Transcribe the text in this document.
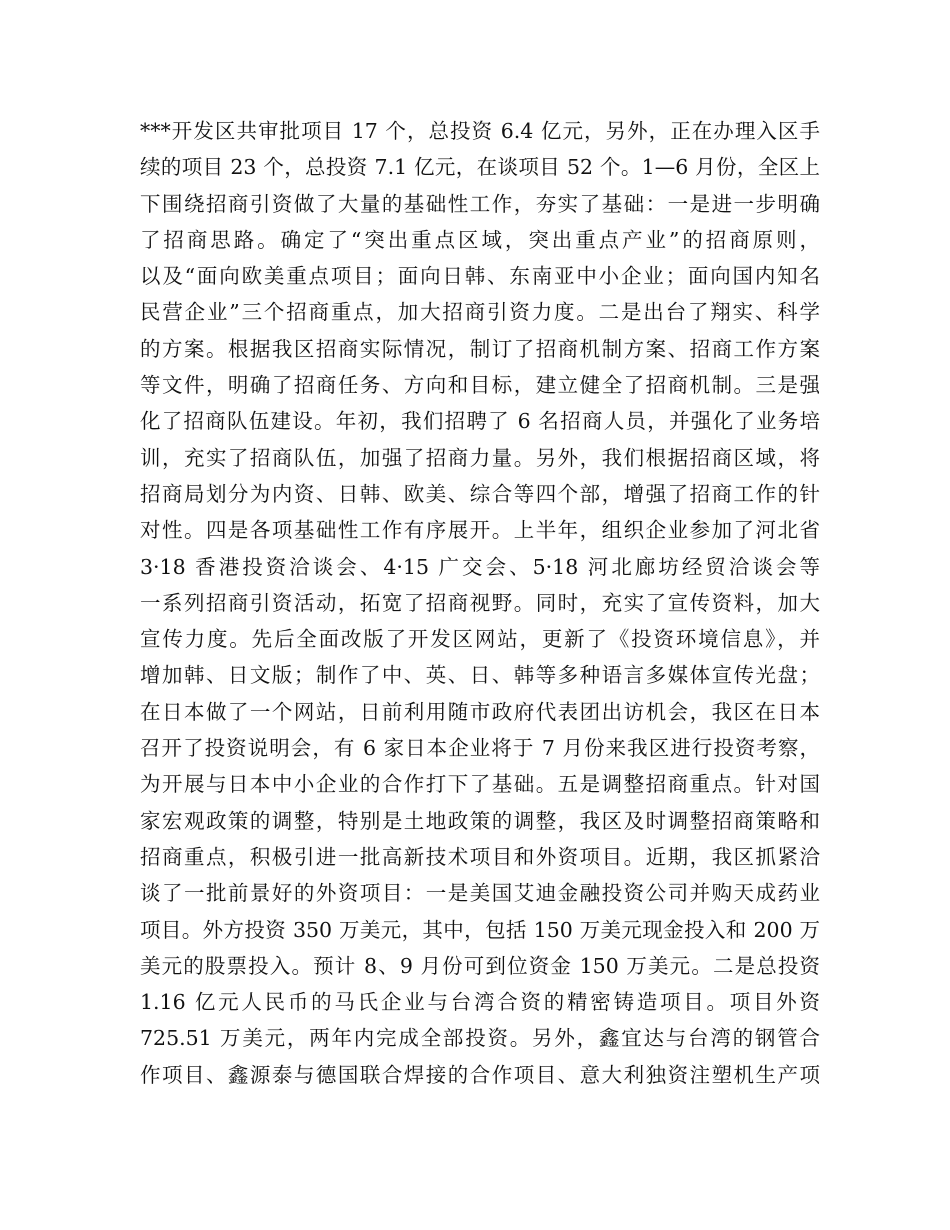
***开发区共审批项目 17 个，总投资 6.4 亿元，另外，正在办理入区手
续的项目 23 个，总投资 7.1 亿元，在谈项目 52 个。1—6 月份，全区上
下围绕招商引资做了大量的基础性工作，夯实了基础：一是进一步明确
了招商思路。确定了“突出重点区域，突出重点产业”的招商原则，
以及“面向欧美重点项目；面向日韩、东南亚中小企业；面向国内知名
民营企业”三个招商重点，加大招商引资力度。二是出台了翔实、科学
的方案。根据我区招商实际情况，制订了招商机制方案、招商工作方案
等文件，明确了招商任务、方向和目标，建立健全了招商机制。三是强
化了招商队伍建设。年初，我们招聘了 6 名招商人员，并强化了业务培
训，充实了招商队伍，加强了招商力量。另外，我们根据招商区域，将
招商局划分为内资、日韩、欧美、综合等四个部，增强了招商工作的针
对性。四是各项基础性工作有序展开。上半年，组织企业参加了河北省
3·18 香港投资洽谈会、4·15 广交会、5·18 河北廊坊经贸洽谈会等
一系列招商引资活动，拓宽了招商视野。同时，充实了宣传资料，加大
宣传力度。先后全面改版了开发区网站，更新了《投资环境信息》，并
增加韩、日文版；制作了中、英、日、韩等多种语言多媒体宣传光盘；
在日本做了一个网站，日前利用随市政府代表团出访机会，我区在日本
召开了投资说明会，有 6 家日本企业将于 7 月份来我区进行投资考察，
为开展与日本中小企业的合作打下了基础。五是调整招商重点。针对国
家宏观政策的调整，特别是土地政策的调整，我区及时调整招商策略和
招商重点，积极引进一批高新技术项目和外资项目。近期，我区抓紧洽
谈了一批前景好的外资项目：一是美国艾迪金融投资公司并购天成药业
项目。外方投资 350 万美元，其中，包括 150 万美元现金投入和 200 万
美元的股票投入。预计 8、9 月份可到位资金 150 万美元。二是总投资
1.16 亿元人民币的马氏企业与台湾合资的精密铸造项目。项目外资
725.51 万美元，两年内完成全部投资。另外，鑫宜达与台湾的钢管合
作项目、鑫源泰与德国联合焊接的合作项目、意大利独资注塑机生产项
